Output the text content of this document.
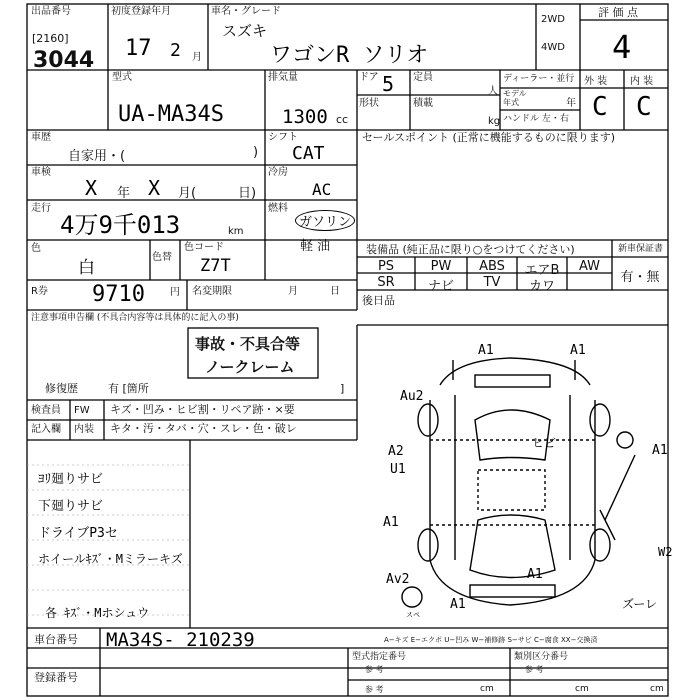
出品番号
[2160]
3044
初度登録年月
17 2 月
車名・グレード
スズキ
ワゴンR ソリオ
2WD
4WD
評 価 点
4
外 装 内 装
C C
型式
UA-MA34S
排気量
1300 cc
ドア 5 定員
人
形状	積載
kg
ディーラー・並行
モデル
年式	年
ハンドル 左・右
車歴
自家用・(	)
シフト
CAT
車検
X 年 X 月(	日)
冷房
AC
走行
4万9千013	km
燃料
ガソリン
軽 油
色
白
色替
色コード
Z7T
R券 9710	円 名変期限	月	日
注意事項申告欄 (不具合内容等は具体的に記入の事)
事故・不具合等
ノークレーム
修復歴	有 [箇所	]
セールスポイント (正常に機能するものに限ります)
装備品 (純正品に限り○をつけてください)	新車保証書
PS	PW	ABS	エアB	AW
SR	ナビ	TV	カワ
有・無
後日品
検査員
記入欄
FW
内装
キズ・凹み・ヒビ割・リペア跡・×要
キタ・汚・タバ・穴・スレ・色・破レ
ﾖﾘ廻りサビ
下廻りサビ
ドライブP3セ
ホイールｷｽﾞ・Mミラーキズ
各 ｷｽﾞ・Mホシュウ
A1	A1
Au2
A1
A2
U1
ヒビ
A1
A1
W2
A1
Av2
ズーレ
スペ
A−キズ E−エクボ U−凹み W−補修跡 S−サビ C−腐食 XX−交換済
車台番号 MA34S- 210239
登録番号
型式指定番号
参 考
類別区分番号
参 考
参 考	cm	cm	cm
